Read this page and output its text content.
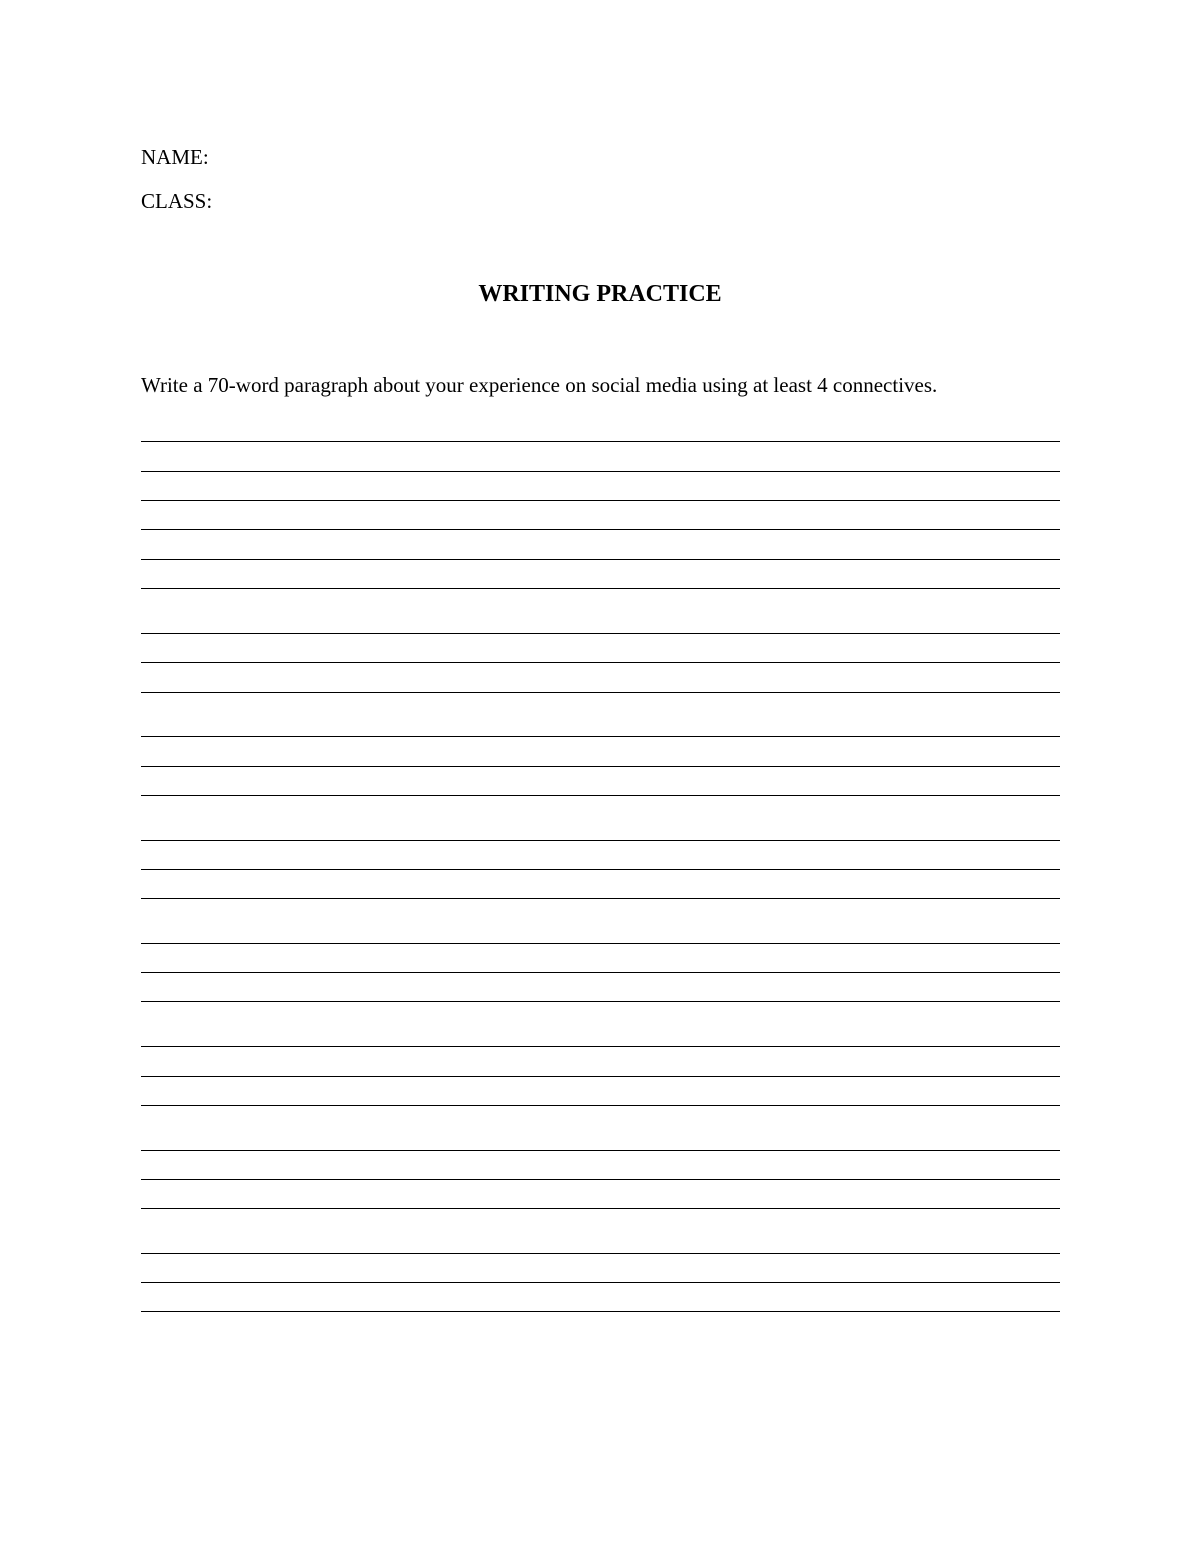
NAME:
CLASS:
WRITING PRACTICE
Write a 70-word paragraph about your experience on social media using at least 4 connectives.
